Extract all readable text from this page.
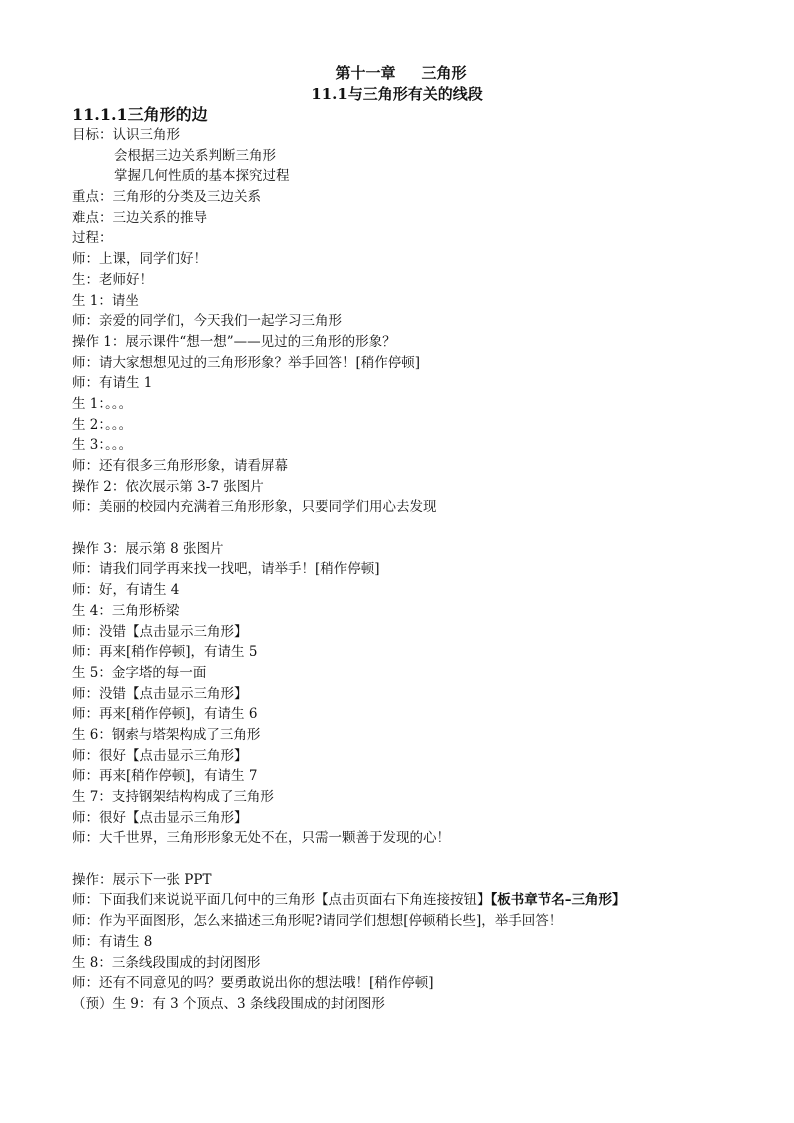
第十一章 三角形
11.1与三角形有关的线段
11.1.1三角形的边
目标：认识三角形
会根据三边关系判断三角形
掌握几何性质的基本探究过程
重点：三角形的分类及三边关系
难点：三边关系的推导
过程：
师：上课，同学们好！
生：老师好！
生 1：请坐
师：亲爱的同学们，今天我们一起学习三角形
操作 1：展示课件“想一想”——见过的三角形的形象？
师：请大家想想见过的三角形形象？举手回答！[稍作停顿]
师：有请生 1
生 1：。。。
生 2：。。。
生 3：。。。
师：还有很多三角形形象，请看屏幕
操作 2：依次展示第 3-7 张图片
师：美丽的校园内充满着三角形形象，只要同学们用心去发现
操作 3：展示第 8 张图片
师：请我们同学再来找一找吧，请举手！[稍作停顿]
师：好，有请生 4
生 4：三角形桥梁
师：没错【点击显示三角形】
师：再来[稍作停顿]，有请生 5
生 5：金字塔的每一面
师：没错【点击显示三角形】
师：再来[稍作停顿]，有请生 6
生 6：钢索与塔架构成了三角形
师：很好【点击显示三角形】
师：再来[稍作停顿]，有请生 7
生 7：支持钢架结构构成了三角形
师：很好【点击显示三角形】
师：大千世界，三角形形象无处不在，只需一颗善于发现的心！
操作：展示下一张 PPT
师：下面我们来说说平面几何中的三角形【点击页面右下角连接按钮】【板书章节名–三角形】
师：作为平面图形，怎么来描述三角形呢?请同学们想想[停顿稍长些]，举手回答！
师：有请生 8
生 8：三条线段围成的封闭图形
师：还有不同意见的吗？要勇敢说出你的想法哦！[稍作停顿]
（预）生 9：有 3 个顶点、3 条线段围成的封闭图形
